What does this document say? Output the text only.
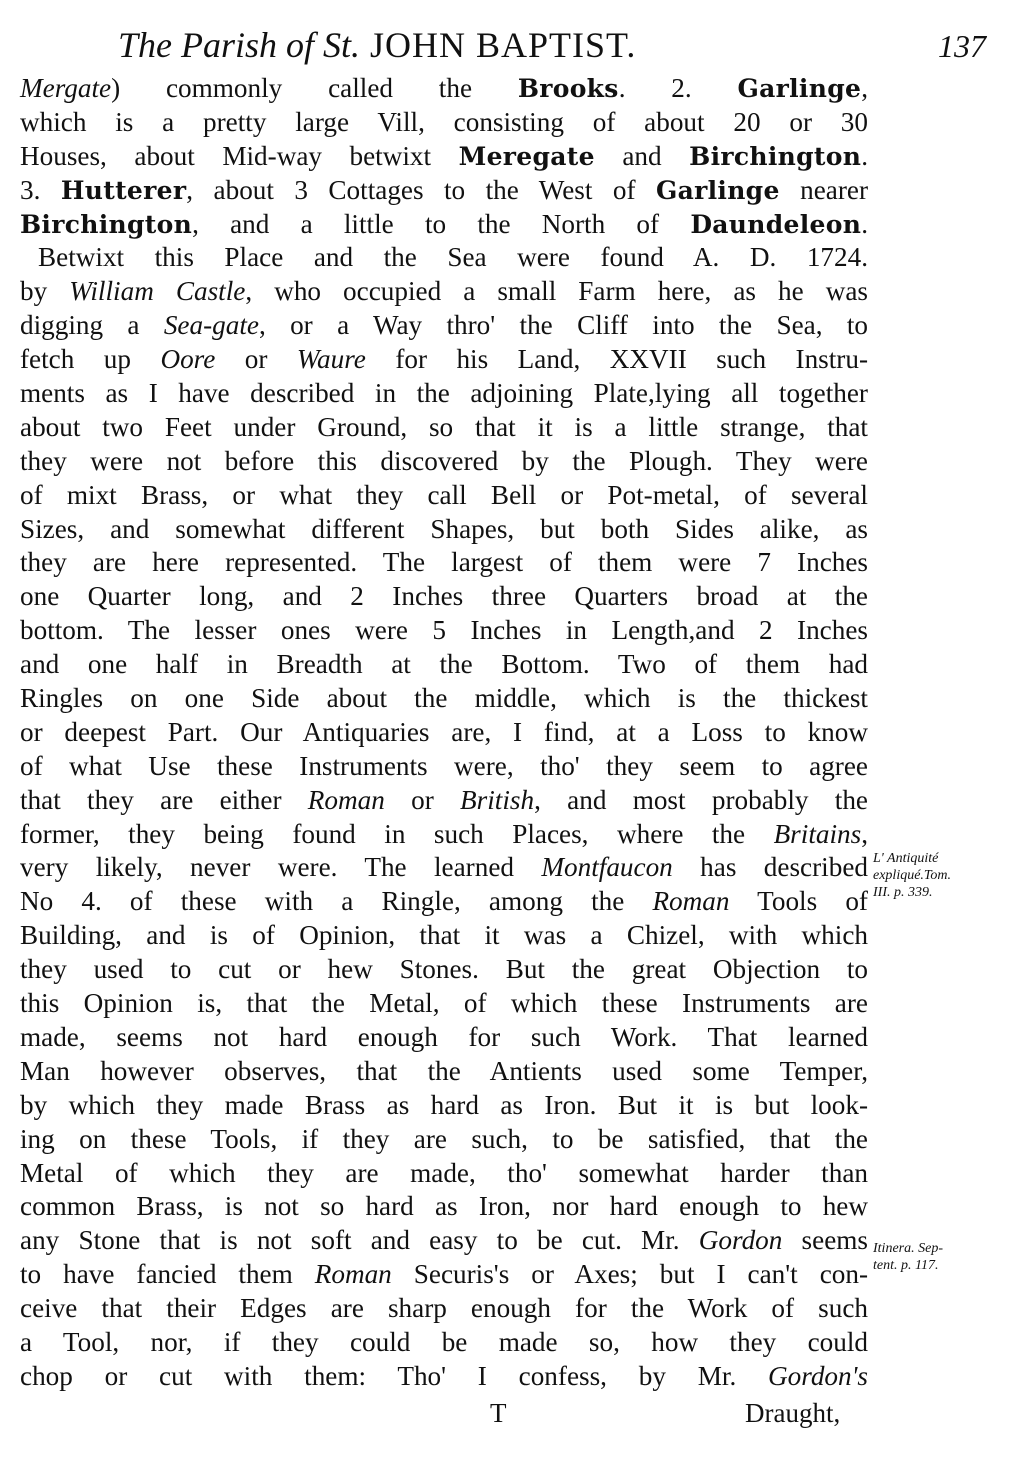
The Parish of St. JOHN BAPTIST.	137
Mergate) commonly called the Brooks. 2. Garlinge,
which is a pretty large Vill, consisting of about 20 or 30
Houses, about Mid-way betwixt Meregate and Birchington.
3. Hutterer, about 3 Cottages to the West of Garlinge nearer
Birchington, and a little to the North of Daundeleon.
Betwixt this Place and the Sea were found A. D. 1724.
by William Castle, who occupied a small Farm here, as he was
digging a Sea-gate, or a Way thro' the Cliff into the Sea, to
fetch up Oore or Waure for his Land, XXVII such Instru-
ments as I have described in the adjoining Plate,lying all together
about two Feet under Ground, so that it is a little strange, that
they were not before this discovered by the Plough. They were
of mixt Brass, or what they call Bell or Pot-metal, of several
Sizes, and somewhat different Shapes, but both Sides alike, as
they are here represented. The largest of them were 7 Inches
one Quarter long, and 2 Inches three Quarters broad at the
bottom. The lesser ones were 5 Inches in Length,and 2 Inches
and one half in Breadth at the Bottom. Two of them had
Ringles on one Side about the middle, which is the thickest
or deepest Part. Our Antiquaries are, I find, at a Loss to know
of what Use these Instruments were, tho' they seem to agree
that they are either Roman or British, and most probably the
former, they being found in such Places, where the Britains,
very likely, never were. The learned Montfaucon has described
No 4. of these with a Ringle, among the Roman Tools of
Building, and is of Opinion, that it was a Chizel, with which
they used to cut or hew Stones. But the great Objection to
this Opinion is, that the Metal, of which these Instruments are
made, seems not hard enough for such Work. That learned
Man however observes, that the Antients used some Temper,
by which they made Brass as hard as Iron. But it is but look-
ing on these Tools, if they are such, to be satisfied, that the
Metal of which they are made, tho' somewhat harder than
common Brass, is not so hard as Iron, nor hard enough to hew
any Stone that is not soft and easy to be cut. Mr. Gordon seems
to have fancied them Roman Securis's or Axes; but I can't con-
ceive that their Edges are sharp enough for the Work of such
a Tool, nor, if they could be made so, how they could
chop or cut with them: Tho' I confess, by Mr. Gordon's
L' Antiquité
expliqué.Tom.
III. p. 339.
Itinera. Sep-
tent. p. 117.
T	Draught,
